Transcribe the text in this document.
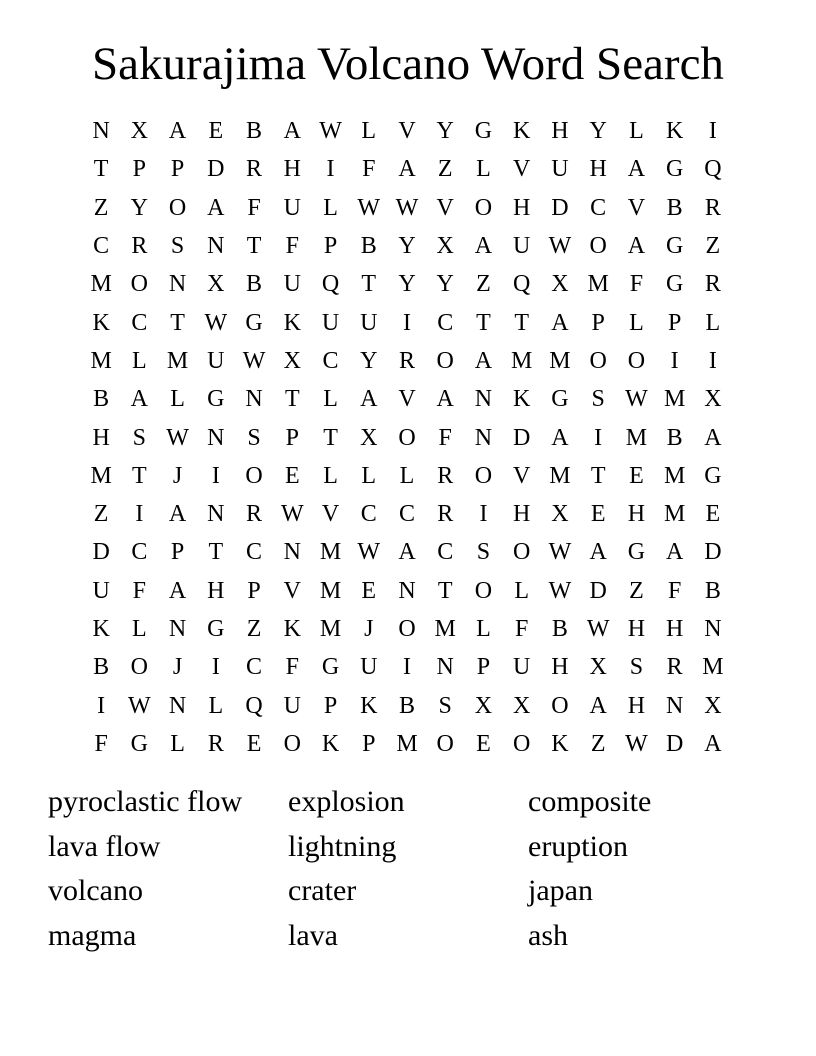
Sakurajima Volcano Word Search
N X A E B A W L V Y G K H Y L K	I
T	P	P D R H	I	F A Z L V U H A G Q
Z Y O A F U L W W V O H D C V B R
C R S N T	F	P B Y X A U W O A G Z
M O N X B U Q T Y Y Z Q X M F G R
K C T W G K U U	I	C T T A P	L	P	L
M L M U W X C Y R O A M M O O	I	I
B A L G N T L A V A N K G S W M X
H S W N S	P	T X O F N D A	I M B A
M T	J	I	O E L L L R O V M T E M G
Z	I	A N R W V C C R	I	H X E H M E
D C P	T C N M W A C S O W A G A D
U F A H P V M E N T O L W D Z	F B
K L N G Z K M J	O M L	F B W H H N
B O	J	I	C F G U	I	N P U H X S R M
I W N L Q U P K B S X X O A H N X
F G L R E O K P M O E O K Z W D A
pyroclastic flow
lava flow
volcano
magma
explosion
lightning
crater
lava
composite
eruption
japan
ash
